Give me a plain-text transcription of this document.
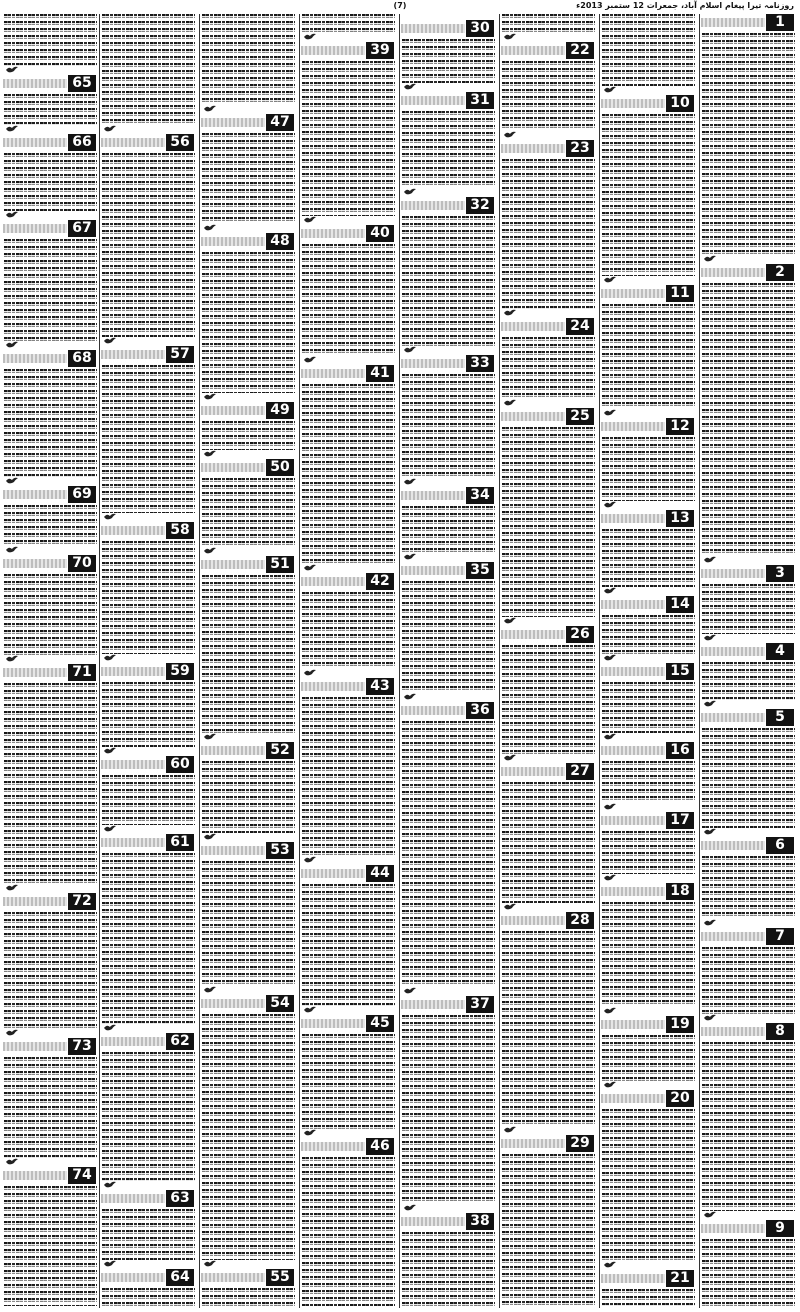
(7)	روزنامہ تیرا پیغام اسلام آباد، جمعرات 12 ستمبر 2013ء
1
2
3
4
5
6
7
8
9
10
11
12
13
14
15
16
17
18
19
20
21
22
23
24
25
26
27
28
29
30
31
32
33
34
35
36
37
38
39
40
41
42
43
44
45
46
47
48
49
50
51
52
53
54
55
56
57
58
59
60
61
62
63
64
65
66
67
68
69
70
71
72
73
74
